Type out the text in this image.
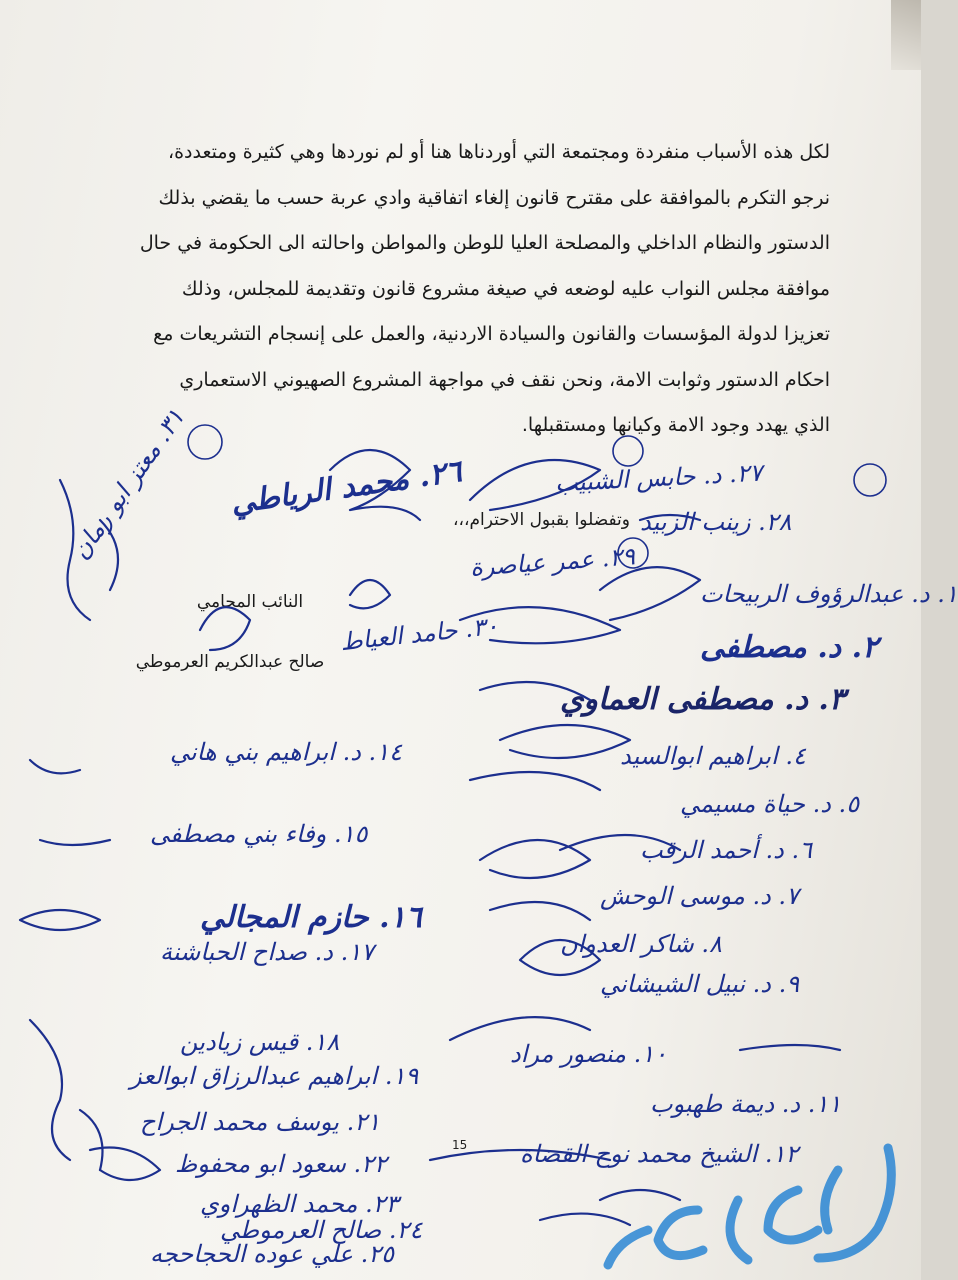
لكل هذه الأسباب منفردة ومجتمعة التي أوردناها هنا أو لم نوردها وهي كثيرة ومتعددة،
نرجو التكرم بالموافقة على مقترح قانون إلغاء اتفاقية وادي عربة حسب ما يقضي بذلك
الدستور والنظام الداخلي والمصلحة العليا للوطن والمواطن واحالته الى الحكومة في حال
موافقة مجلس النواب عليه لوضعه في صيغة مشروع قانون وتقديمة للمجلس، وذلك
تعزيزا لدولة المؤسسات والقانون والسيادة الاردنية، والعمل على إنسجام التشريعات مع
احكام الدستور وثوابت الامة، ونحن نقف في مواجهة المشروع الصهيوني الاستعماري
الذي يهدد وجود الامة وكيانها ومستقبلها.
وتفضلوا بقبول الاحترام،،،
النائب المحامي
صالح عبدالكريم العرموطي
15
٢٧. د. حابس الشبيب
٢٨. زينب الزبيد
٢٩. عمر عياصرة
١. د. عبدالرؤوف الربيحات
٢. د. مصطفى
٣. د. مصطفى العماوي
٤. ابراهيم ابوالسيد
٥. د. حياة مسيمي
٦. د. أحمد الرقب
٧. د. موسى الوحش
٨. شاكر العدوان
٩. د. نبيل الشيشاني
١٠. منصور مراد
١١. د. ديمة طهبوب
١٢. الشيخ محمد نوح القضاة
١٤. د. ابراهيم بني هاني
١٥. وفاء بني مصطفى
١٦. حازم المجالي
١٧. د. صداح الحباشنة
١٨. قيس زيادين
١٩. ابراهيم عبدالرزاق ابوالعز
٢١. يوسف محمد الجراح
٢٢. سعود ابو محفوظ
٢٣. محمد الظهراوي
٢٤. صالح العرموطي
٢٥. علي عوده الحجاحجه
٢٦. محمد الرياطي
٣٠. حامد العياط
٣١. معتز ابو رمان
